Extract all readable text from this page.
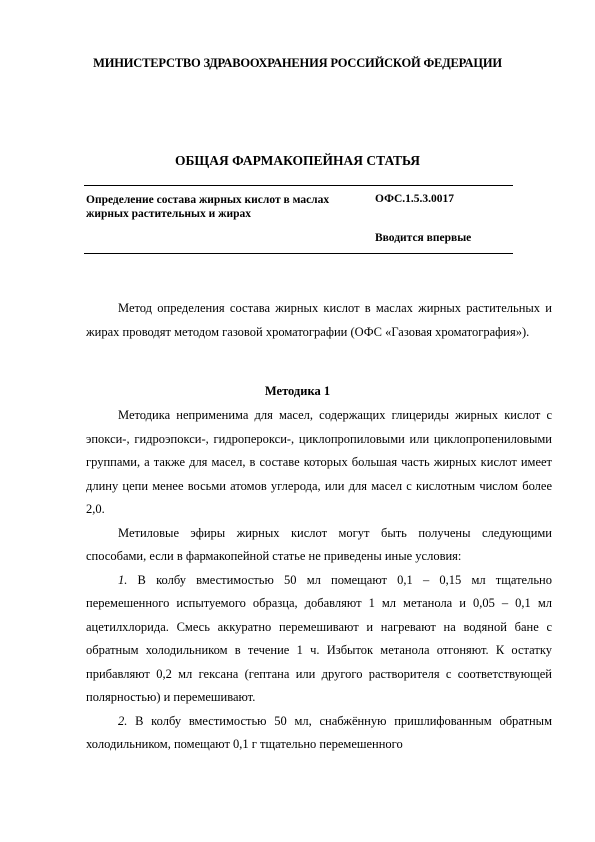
МИНИСТЕРСТВО ЗДРАВООХРАНЕНИЯ РОССИЙСКОЙ ФЕДЕРАЦИИ
ОБЩАЯ ФАРМАКОПЕЙНАЯ СТАТЬЯ
Определение состава жирных кислот в маслах жирных растительных и жирах
ОФС.1.5.3.0017
Вводится впервые

Метод определения состава жирных кислот в маслах жирных растительных и жирах проводят методом газовой хроматографии (ОФС «Газовая хроматография»).

Методика 1

Методика неприменима для масел, содержащих глицериды жирных кислот с эпокси-, гидроэпокси-, гидроперокси-, циклопропиловыми или циклопропениловыми группами, а также для масел, в составе которых большая часть жирных кислот имеет длину цепи менее восьми атомов углерода, или для масел с кислотным числом более 2,0.

Метиловые эфиры жирных кислот могут быть получены следующими способами, если в фармакопейной статье не приведены иные условия:

1. В колбу вместимостью 50 мл помещают 0,1 – 0,15 мл тщательно перемешенного испытуемого образца, добавляют 1 мл метанола и 0,05 – 0,1 мл ацетилхлорида. Смесь аккуратно перемешивают и нагревают на водяной бане с обратным холодильником в течение 1 ч. Избыток метанола отгоняют. К остатку прибавляют 0,2 мл гексана (гептана или другого растворителя с соответствующей полярностью) и перемешивают.

2. В колбу вместимостью 50 мл, снабжённую пришлифованным обратным холодильником, помещают 0,1 г тщательно перемешенного
